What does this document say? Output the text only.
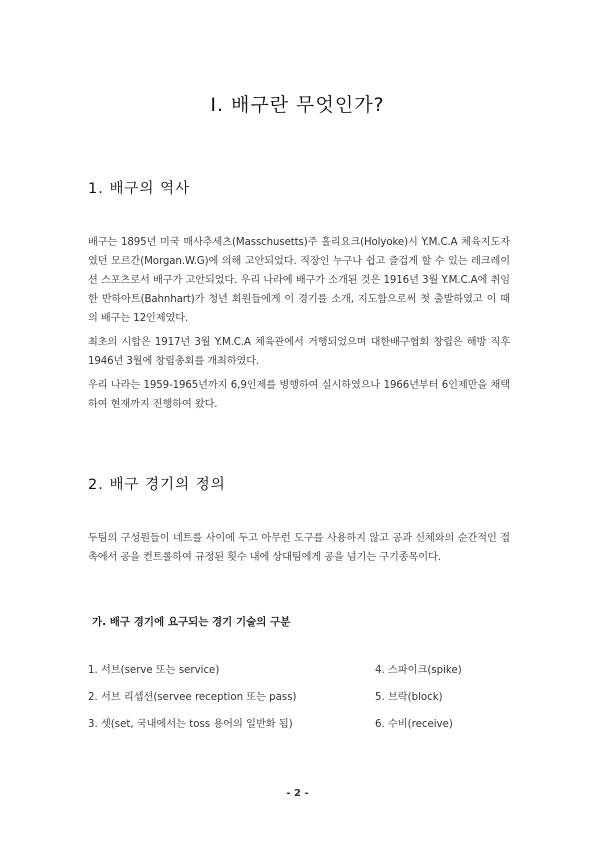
Ⅰ. 배구란 무엇인가?
1. 배구의 역사
배구는 1895년 미국 매사추세츠(Masschusetts)주 홀리요크(Holyoke)시 Y.M.C.A 체육지도자였던 모르간(Morgan.W.G)에 의해 고안되었다. 직장인 누구나 쉽고 즐겁게 할 수 있는 레크레이션 스포츠로서 배구가 고안되었다. 우리 나라에 배구가 소개된 것은 1916년 3월 Y.M.C.A에 취임한 반하아트(Bahnhart)가 청년 회원들에게 이 경기를 소개, 지도함으로써 첫 출발하였고 이 때의 배구는 12인제였다.
최초의 시합은 1917년 3월 Y.M.C.A 체육관에서 거행되었으며 대한배구협회 창립은 해방 직후 1946년 3월에 창립총회를 개최하였다.
우리 나라는 1959-1965년까지 6,9인제를 병행하여 실시하였으나 1966년부터 6인제만을 채택하여 현재까지 진행하여 왔다.
2. 배구 경기의 정의
두팀의 구성원들이 네트를 사이에 두고 아무런 도구를 사용하지 않고 공과 신체와의 순간적인 접촉에서 공을 컨트롤하여 규정된 횟수 내에 상대팀에게 공을 넘기는 구기종목이다.
가. 배구 경기에 요구되는 경기 기술의 구분
1. 서브(serve 또는 service)
2. 서브 리셉션(servee reception 또는 pass)
3. 셋(set, 국내에서는 toss 용어의 일반화 됨)
4. 스파이크(spike)
5. 브락(block)
6. 수비(receive)
- 2 -
